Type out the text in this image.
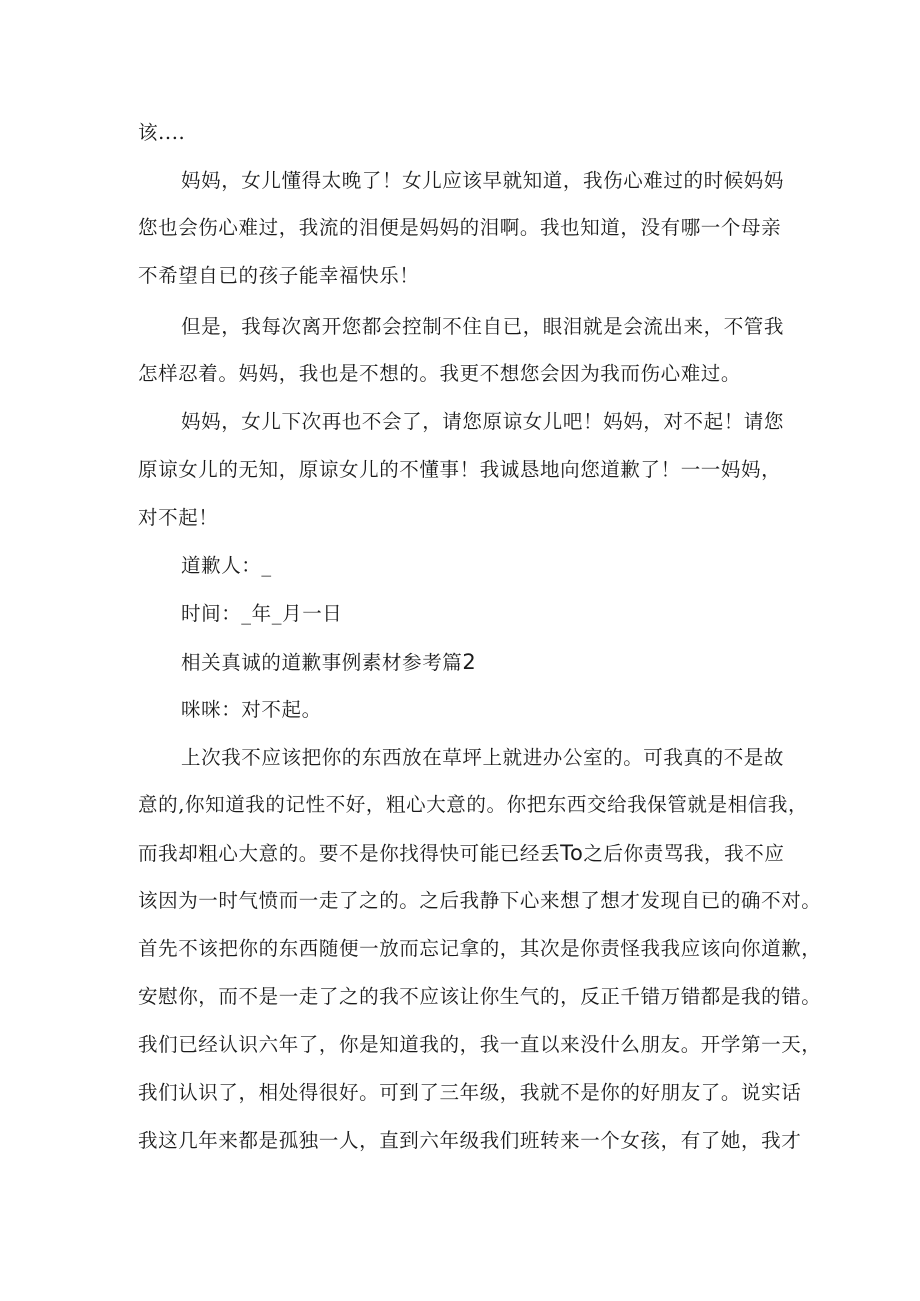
该....
妈妈，女儿懂得太晚了！女儿应该早就知道，我伤心难过的时候妈妈
您也会伤心难过，我流的泪便是妈妈的泪啊。我也知道，没有哪一个母亲
不希望自已的孩子能幸福快乐！
但是，我每次离开您都会控制不住自已，眼泪就是会流出来，不管我
怎样忍着。妈妈，我也是不想的。我更不想您会因为我而伤心难过。
妈妈，女儿下次再也不会了，请您原谅女儿吧！妈妈，对不起！请您
原谅女儿的无知，原谅女儿的不懂事！我诚恳地向您道歉了！一一妈妈，
对不起！
道歉人：_
时间：_年_月一日
相关真诚的道歉事例素材参考篇2
咪咪：对不起。
上次我不应该把你的东西放在草坪上就进办公室的。可我真的不是故
意的,你知道我的记性不好，粗心大意的。你把东西交给我保管就是相信我，
而我却粗心大意的。要不是你找得快可能已经丢To之后你责骂我，我不应
该因为一时气愤而一走了之的。之后我静下心来想了想才发现自已的确不对。
首先不该把你的东西随便一放而忘记拿的，其次是你责怪我我应该向你道歉，
安慰你，而不是一走了之的我不应该让你生气的，反正千错万错都是我的错。
我们已经认识六年了，你是知道我的，我一直以来没什么朋友。开学第一天，
我们认识了，相处得很好。可到了三年级，我就不是你的好朋友了。说实话
我这几年来都是孤独一人，直到六年级我们班转来一个女孩，有了她，我才
